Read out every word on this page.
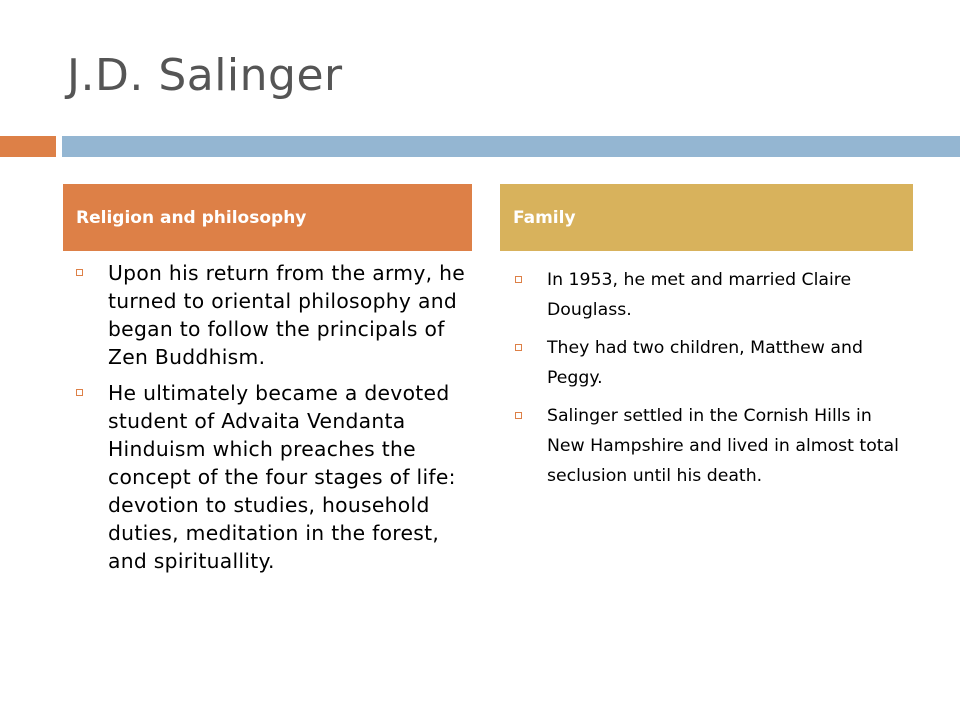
J.D. Salinger
Religion and philosophy	Family
Upon his return from the army, he turned to oriental philosophy and began to follow the principals of Zen Buddhism.
He ultimately became a devoted student of Advaita Vendanta Hinduism which preaches the concept of the four stages of life: devotion to studies, household duties, meditation in the forest, and spirituallity.
In 1953, he met and married Claire Douglass.
They had two children, Matthew and Peggy.
Salinger settled in the Cornish Hills in New Hampshire and lived in almost total seclusion until his death.
